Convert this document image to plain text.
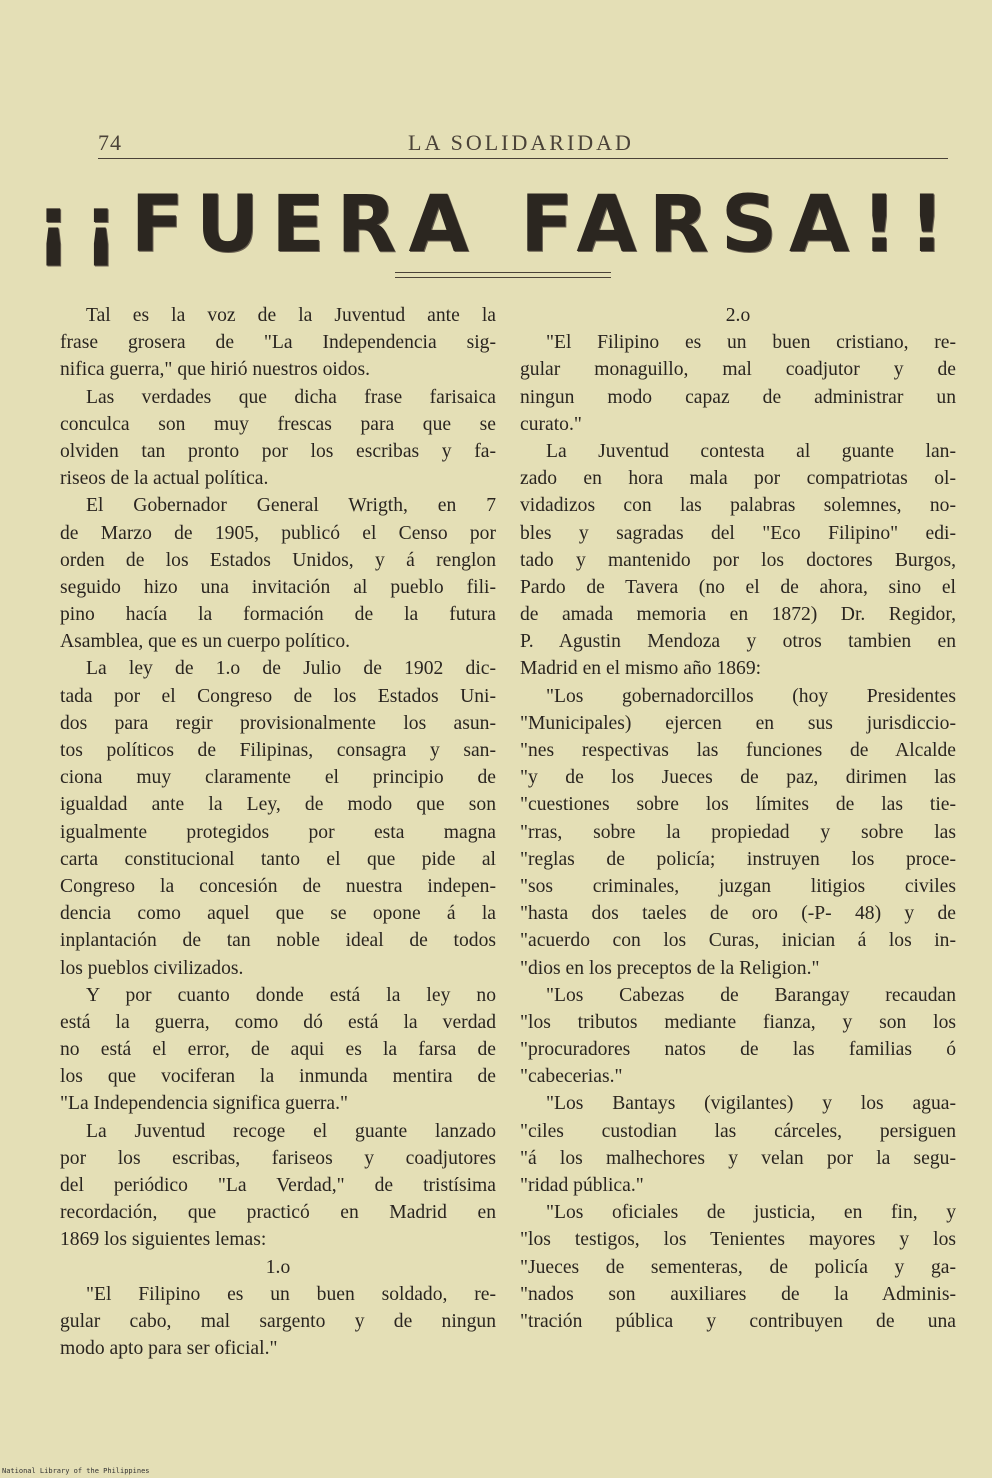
74	LA SOLIDARIDAD
¡¡FUERA FARSA!!
Tal es la voz de la Juventud ante la
frase grosera de "La Independencia sig-
nifica guerra," que hirió nuestros oidos.
Las verdades que dicha frase farisaica
conculca son muy frescas para que se
olviden tan pronto por los escribas y fa-
riseos de la actual política.
El Gobernador General Wrigth, en 7
de Marzo de 1905, publicó el Censo por
orden de los Estados Unidos, y á renglon
seguido hizo una invitación al pueblo fili-
pino hacía la formación de la futura
Asamblea, que es un cuerpo político.
La ley de 1.o de Julio de 1902 dic-
tada por el Congreso de los Estados Uni-
dos para regir provisionalmente los asun-
tos políticos de Filipinas, consagra y san-
ciona muy claramente el principio de
igualdad ante la Ley, de modo que son
igualmente protegidos por esta magna
carta constitucional tanto el que pide al
Congreso la concesión de nuestra indepen-
dencia como aquel que se opone á la
inplantación de tan noble ideal de todos
los pueblos civilizados.
Y por cuanto donde está la ley no
está la guerra, como dó está la verdad
no está el error, de aqui es la farsa de
los que vociferan la inmunda mentira de
"La Independencia significa guerra."
La Juventud recoge el guante lanzado
por los escribas, fariseos y coadjutores
del periódico "La Verdad," de tristísima
recordación, que practicó en Madrid en
1869 los siguientes lemas:
1.o
"El Filipino es un buen soldado, re-
gular cabo, mal sargento y de ningun
modo apto para ser oficial."
2.o
"El Filipino es un buen cristiano, re-
gular monaguillo, mal coadjutor y de
ningun modo capaz de administrar un
curato."
La Juventud contesta al guante lan-
zado en hora mala por compatriotas ol-
vidadizos con las palabras solemnes, no-
bles y sagradas del "Eco Filipino" edi-
tado y mantenido por los doctores Burgos,
Pardo de Tavera (no el de ahora, sino el
de amada memoria en 1872) Dr. Regidor,
P. Agustin Mendoza y otros tambien en
Madrid en el mismo año 1869:
"Los gobernadorcillos (hoy Presidentes
"Municipales) ejercen en sus jurisdiccio-
"nes respectivas las funciones de Alcalde
"y de los Jueces de paz, dirimen las
"cuestiones sobre los límites de las tie-
"rras, sobre la propiedad y sobre las
"reglas de policía; instruyen los proce-
"sos criminales, juzgan litigios civiles
"hasta dos taeles de oro (-P- 48) y de
"acuerdo con los Curas, inician á los in-
"dios en los preceptos de la Religion."
"Los Cabezas de Barangay recaudan
"los tributos mediante fianza, y son los
"procuradores natos de las familias ó
"cabecerias."
"Los Bantays (vigilantes) y los agua-
"ciles custodian las cárceles, persiguen
"á los malhechores y velan por la segu-
"ridad pública."
"Los oficiales de justicia, en fin, y
"los testigos, los Tenientes mayores y los
"Jueces de sementeras, de policía y ga-
"nados son auxiliares de la Adminis-
"tración pública y contribuyen de una
National Library of the Philippines
